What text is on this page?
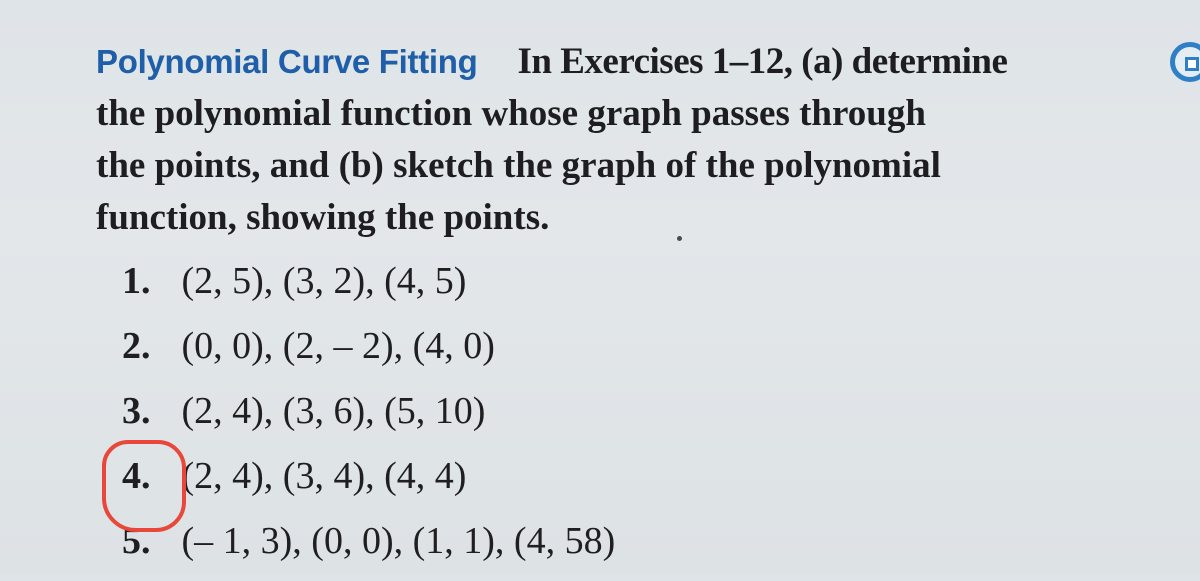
Polynomial Curve Fitting In Exercises 1–12, (a) determine
the polynomial function whose graph passes through
the points, and (b) sketch the graph of the polynomial
function, showing the points.
1. (2, 5), (3, 2), (4, 5)
2. (0, 0), (2, – 2), (4, 0)
3. (2, 4), (3, 6), (5, 10)
4. (2, 4), (3, 4), (4, 4)
5. (– 1, 3), (0, 0), (1, 1), (4, 58)
